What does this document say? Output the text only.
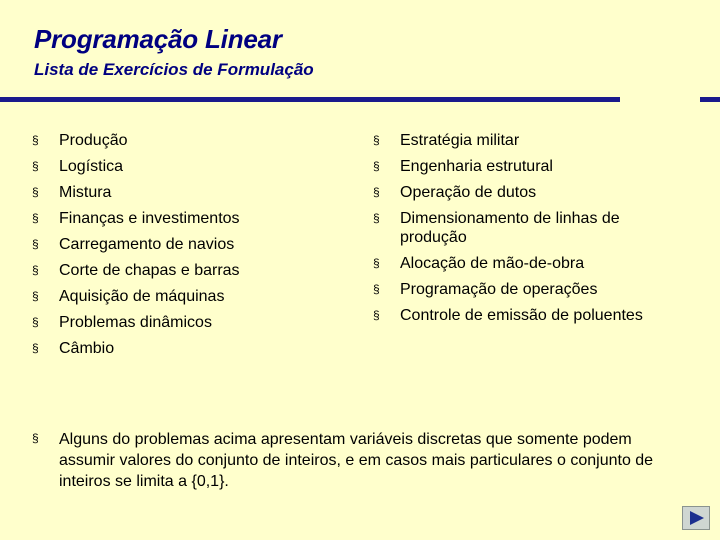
Programação Linear
Lista de Exercícios de Formulação
§ Produção
§ Logística
§ Mistura
§ Finanças e investimentos
§ Carregamento de navios
§ Corte de chapas e barras
§ Aquisição de máquinas
§ Problemas dinâmicos
§ Câmbio
§ Estratégia militar
§ Engenharia estrutural
§ Operação de dutos
§ Dimensionamento de linhas de produção
§ Alocação de mão-de-obra
§ Programação de operações
§ Controle de emissão de poluentes
§ Alguns do problemas acima apresentam variáveis discretas que somente podem assumir valores do conjunto de inteiros, e em casos mais particulares o conjunto de inteiros se limita a {0,1}.
